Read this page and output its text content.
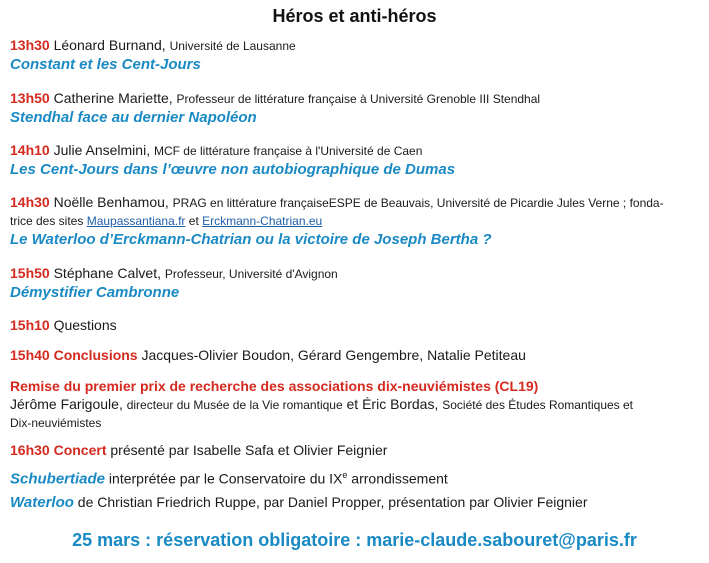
Héros et anti-héros
13h30 Léonard Burnand, Université de Lausanne
Constant et les Cent-Jours
13h50 Catherine Mariette, Professeur de littérature française à Université Grenoble III Stendhal
Stendhal face au dernier Napoléon
14h10 Julie Anselmini, MCF de littérature française à l'Université de Caen
Les Cent-Jours dans l’œuvre non autobiographique de Dumas
14h30 Noëlle Benhamou, PRAG en littérature françaiseESPE de Beauvais, Université de Picardie Jules Verne ; fonda-
trice des sites Maupassantiana.fr et Erckmann-Chatrian.eu
Le Waterloo d’Erckmann-Chatrian ou la victoire de Joseph Bertha ?
15h50 Stéphane Calvet, Professeur, Université d'Avignon
Démystifier Cambronne
15h10 Questions
15h40 Conclusions Jacques-Olivier Boudon, Gérard Gengembre, Natalie Petiteau
Remise du premier prix de recherche des associations dix-neuviémistes (CL19)
Jérôme Farigoule, directeur du Musée de la Vie romantique et Éric Bordas, Société des Études Romantiques et
Dix-neuviémistes
16h30 Concert présenté par Isabelle Safa et Olivier Feignier
Schubertiade interprétée par le Conservatoire du IXe arrondissement
Waterloo de Christian Friedrich Ruppe, par Daniel Propper, présentation par Olivier Feignier
25 mars : réservation obligatoire : marie-claude.sabouret@paris.fr
